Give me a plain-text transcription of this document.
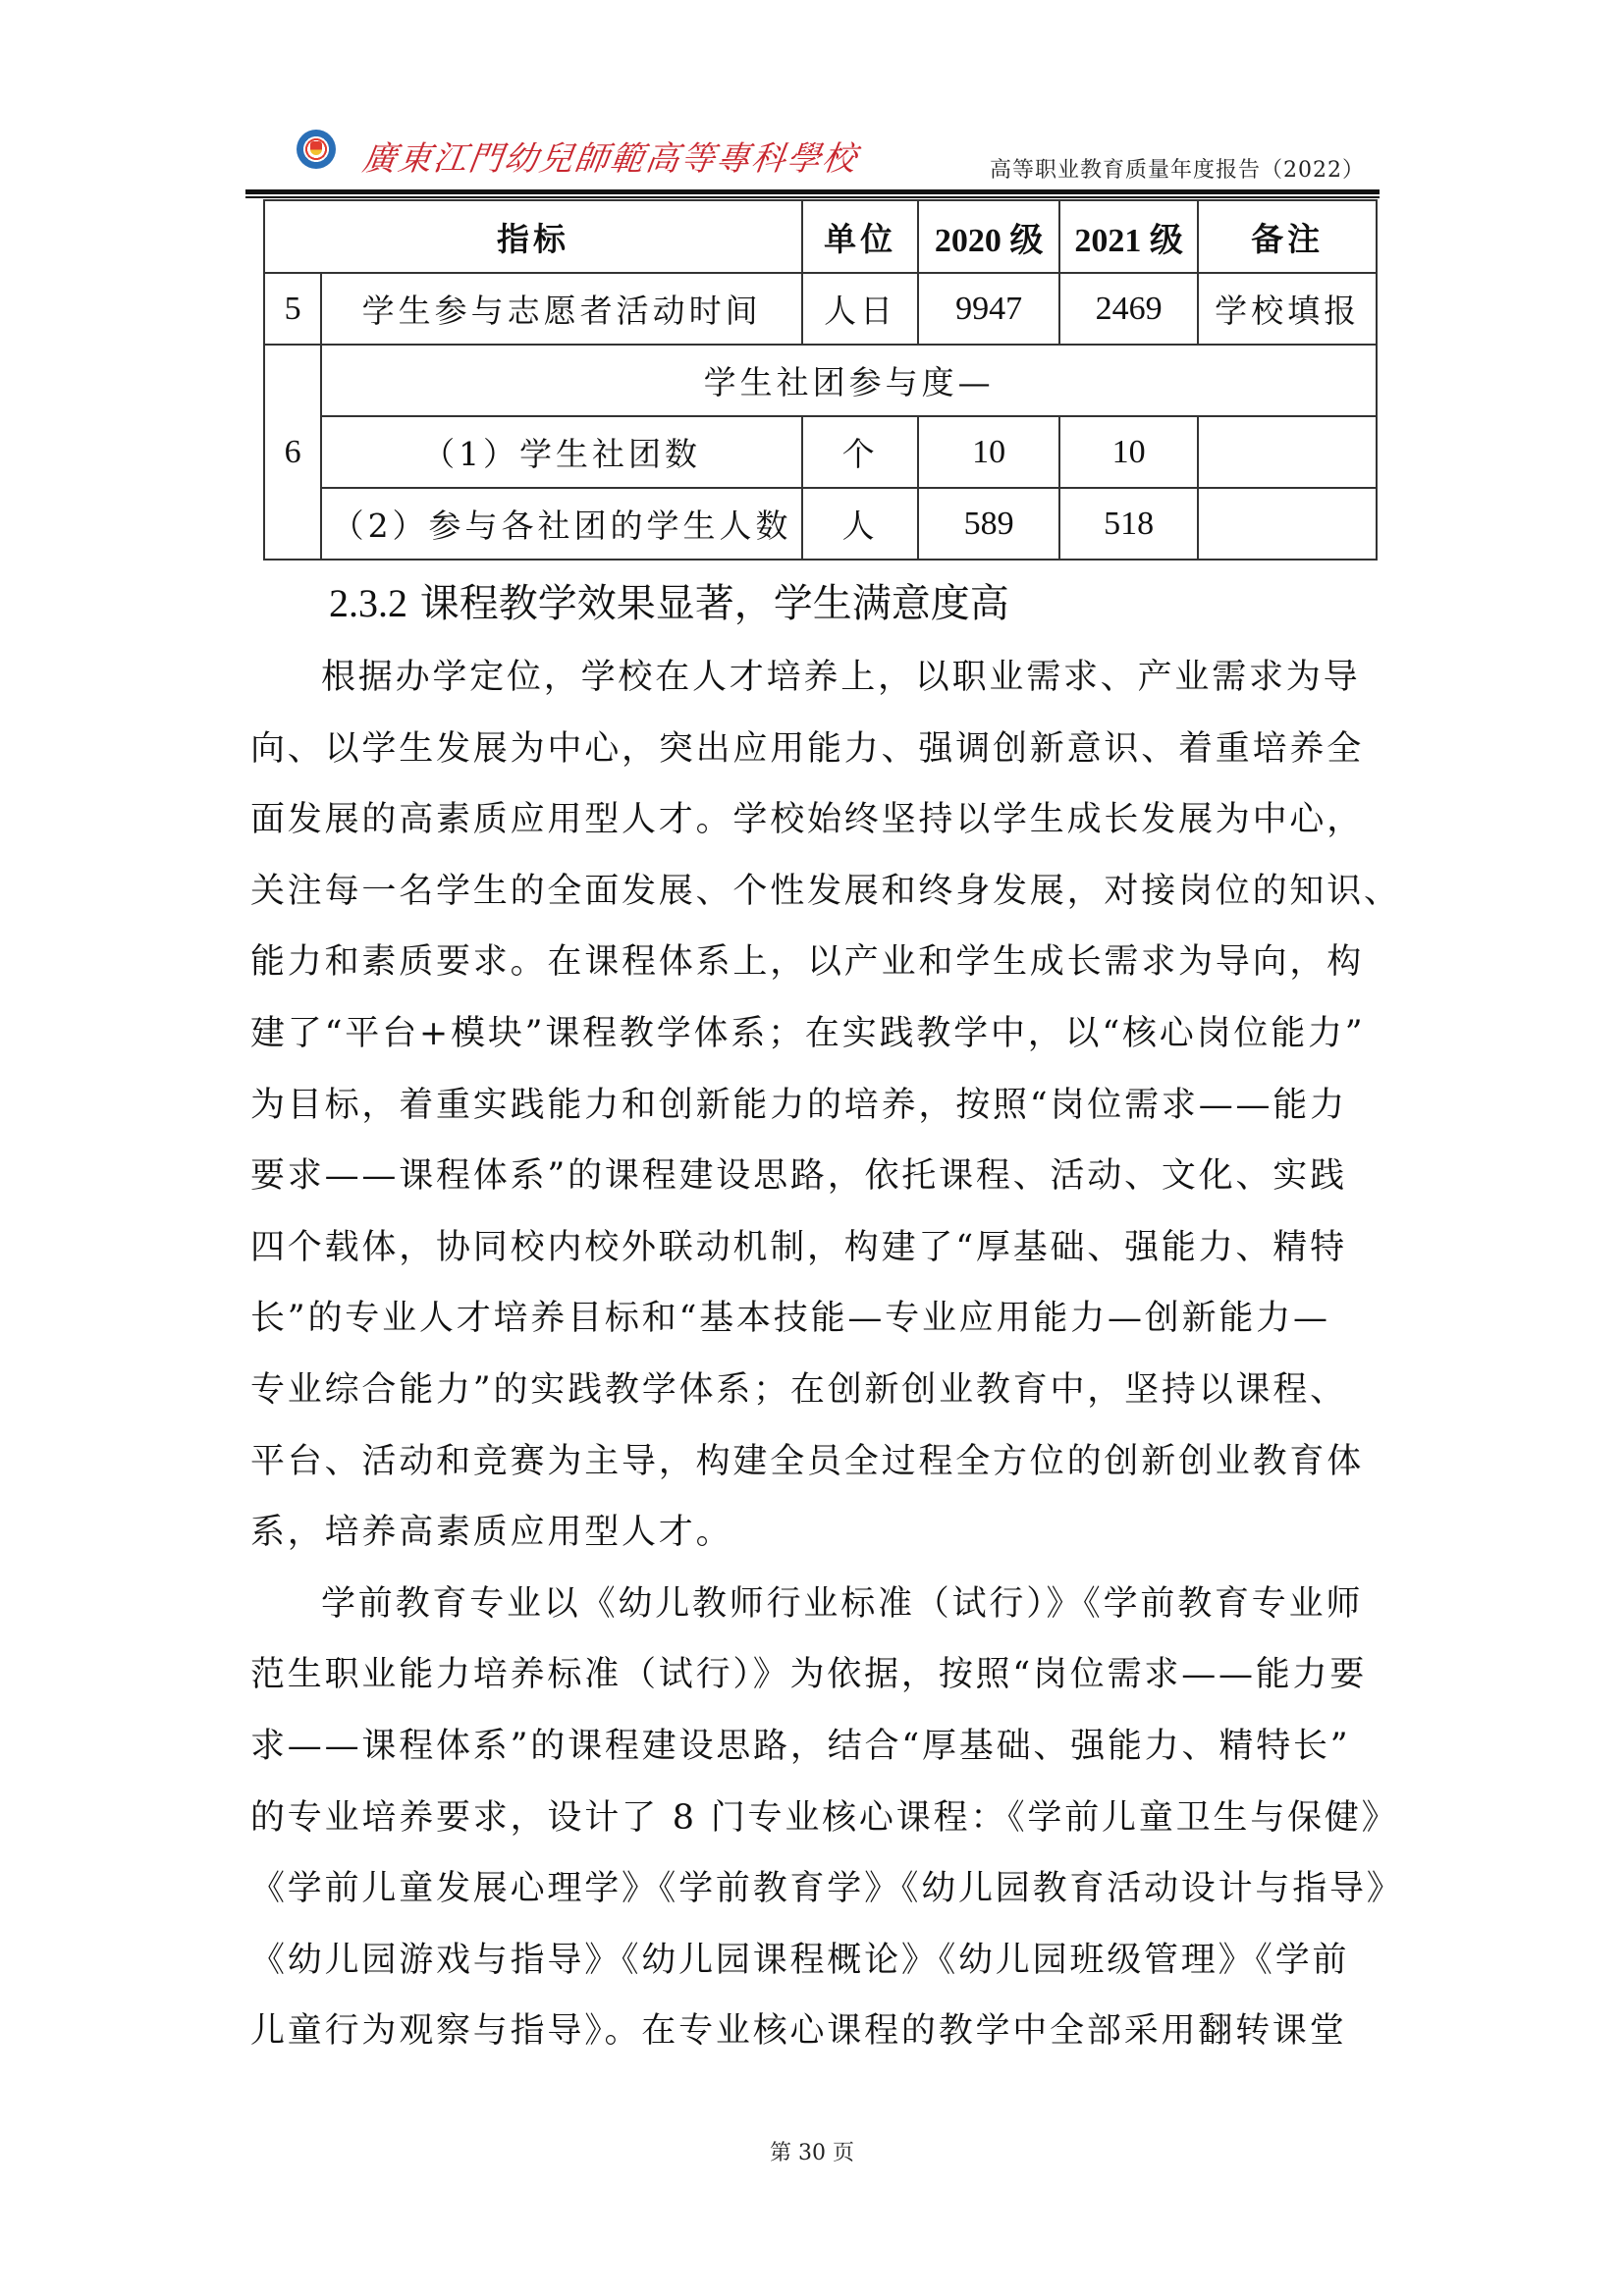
廣東江門幼兒師範高等專科學校	高等职业教育质量年度报告（2022）
指标		单位	2020 级	2021 级	备注
5	学生参与志愿者活动时间	人日	9947	2469	学校填报
6	学生社团参与度—				
	（1）学生社团数	个	10	10	
	（2）参与各社团的学生人数	人	589	518	
2.3.2 课程教学效果显著，学生满意度高
根据办学定位，学校在人才培养上，以职业需求、产业需求为导
向、以学生发展为中心，突出应用能力、强调创新意识、着重培养全
面发展的高素质应用型人才。学校始终坚持以学生成长发展为中心，
关注每一名学生的全面发展、个性发展和终身发展，对接岗位的知识、
能力和素质要求。在课程体系上，以产业和学生成长需求为导向，构
建了“平台+模块”课程教学体系；在实践教学中，以“核心岗位能力”
为目标，着重实践能力和创新能力的培养，按照“岗位需求——能力
要求——课程体系”的课程建设思路，依托课程、活动、文化、实践
四个载体，协同校内校外联动机制，构建了“厚基础、强能力、精特
长”的专业人才培养目标和“基本技能—专业应用能力—创新能力—
专业综合能力”的实践教学体系；在创新创业教育中，坚持以课程、
平台、活动和竞赛为主导，构建全员全过程全方位的创新创业教育体
系，培养高素质应用型人才。
学前教育专业以《幼儿教师行业标准（试行）》《学前教育专业师
范生职业能力培养标准（试行）》为依据，按照“岗位需求——能力要
求——课程体系”的课程建设思路，结合“厚基础、强能力、精特长”
的专业培养要求，设计了 8 门专业核心课程：《学前儿童卫生与保健》
《学前儿童发展心理学》《学前教育学》《幼儿园教育活动设计与指导》
《幼儿园游戏与指导》《幼儿园课程概论》《幼儿园班级管理》《学前
儿童行为观察与指导》。在专业核心课程的教学中全部采用翻转课堂
第 30 页
